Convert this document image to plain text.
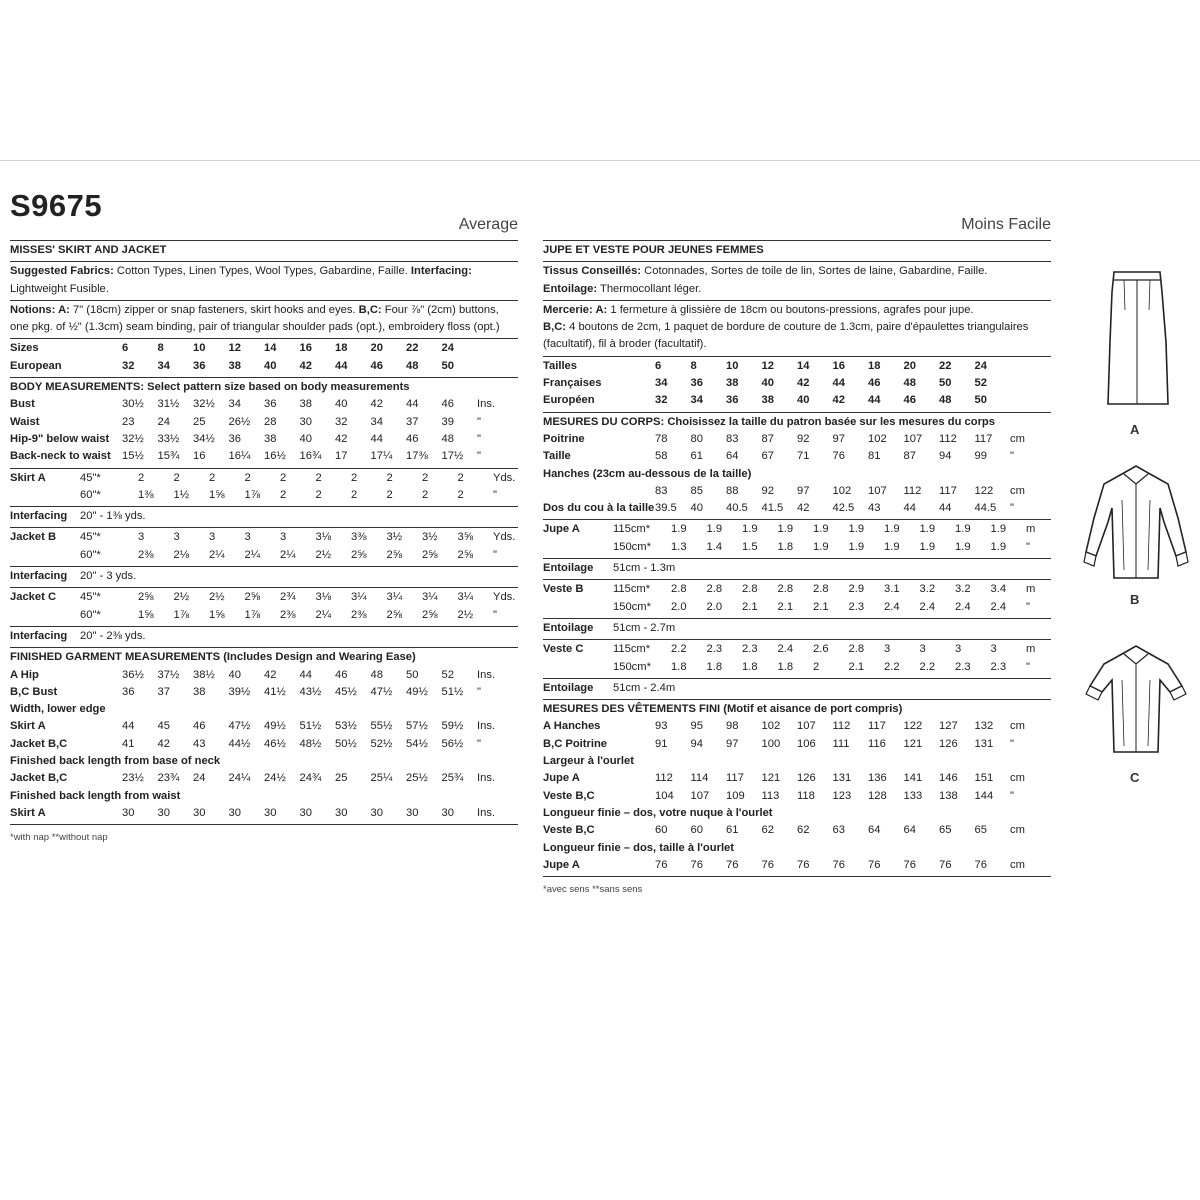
S9675
Average
MISSES' SKIRT AND JACKET
Suggested Fabrics: Cotton Types, Linen Types, Wool Types, Gabardine, Faille. Interfacing: Lightweight Fusible.
Notions: A: 7" (18cm) zipper or snap fasteners, skirt hooks and eyes. B,C: Four ⅞" (2cm) buttons, one pkg. of ½" (1.3cm) seam binding, pair of triangular shoulder pads (opt.), embroidery floss (opt.)
Sizes	6	8	10	12	14	16	18	20	22	24
European	32	34	36	38	40	42	44	46	48	50
BODY MEASUREMENTS: Select pattern size based on body measurements
Bust	30½	31½	32½	34	36	38	40	42	44	46	Ins.
Waist	23	24	25	26½	28	30	32	34	37	39	"
Hip-9" below waist	32½	33½	34½	36	38	40	42	44	46	48	"
Back-neck to waist	15½	15¾	16	16¼	16½	16¾	17	17¼	17⅜	17½	"
Skirt A	45"*	2	2	2	2	2	2	2	2	2	2	Yds.
60"*	1⅜	1½	1⅝	1⅞	2	2	2	2	2	2	"
Interfacing	20" - 1⅜ yds.
Jacket B	45"*	3	3	3	3	3	3⅛	3⅜	3½	3½	3⅝	Yds.
60"*	2⅜	2⅛	2¼	2¼	2¼	2½	2⅝	2⅝	2⅝	2⅝	"
Interfacing	20" - 3 yds.
Jacket C	45"*	2⅝	2½	2½	2⅝	2¾	3⅛	3¼	3¼	3¼	3¼	Yds.
60"*	1⅝	1⅞	1⅝	1⅞	2⅜	2¼	2⅜	2⅝	2⅝	2½	"
Interfacing	20" - 2⅜ yds.
FINISHED GARMENT MEASUREMENTS (Includes Design and Wearing Ease)
A Hip	36½	37½	38½	40	42	44	46	48	50	52	Ins.
B,C Bust	36	37	38	39½	41½	43½	45½	47½	49½	51½	"
Width, lower edge
Skirt A	44	45	46	47½	49½	51½	53½	55½	57½	59½	Ins.
Jacket B,C	41	42	43	44½	46½	48½	50½	52½	54½	56½	"
Finished back length from base of neck
Jacket B,C	23½	23¾	24	24¼	24½	24¾	25	25¼	25½	25¾	Ins.
Finished back length from waist
Skirt A	30	30	30	30	30	30	30	30	30	30	Ins.
*with nap **without nap
Moins Facile
JUPE ET VESTE POUR JEUNES FEMMES
Tissus Conseillés: Cotonnades, Sortes de toile de lin, Sortes de laine, Gabardine, Faille.
Entoilage: Thermocollant léger.
Mercerie: A: 1 fermeture à glissière de 18cm ou boutons-pressions, agrafes pour jupe.
B,C: 4 boutons de 2cm, 1 paquet de bordure de couture de 1.3cm, paire d'épaulettes triangulaires (facultatif), fil à broder (facultatif).
Tailles	6	8	10	12	14	16	18	20	22	24
Françaises	34	36	38	40	42	44	46	48	50	52
Européen	32	34	36	38	40	42	44	46	48	50
MESURES DU CORPS: Choisissez la taille du patron basée sur les mesures du corps
Poitrine	78	80	83	87	92	97	102	107	112	117	cm
Taille	58	61	64	67	71	76	81	87	94	99	"
Hanches (23cm au-dessous de la taille)
83	85	88	92	97	102	107	112	117	122	cm
Dos du cou à la taille 39.5	40	40.5	41.5	42	42.5	43	44	44	44.5	"
Jupe A	115cm*	1.9	1.9	1.9	1.9	1.9	1.9	1.9	1.9	1.9	1.9	m
150cm*	1.3	1.4	1.5	1.8	1.9	1.9	1.9	1.9	1.9	1.9	"
Entoilage	51cm - 1.3m
Veste B	115cm*	2.8	2.8	2.8	2.8	2.8	2.9	3.1	3.2	3.2	3.4	m
150cm*	2.0	2.0	2.1	2.1	2.1	2.3	2.4	2.4	2.4	2.4	"
Entoilage	51cm - 2.7m
Veste C	115cm*	2.2	2.3	2.3	2.4	2.6	2.8	3	3	3	3	m
150cm*	1.8	1.8	1.8	1.8	2	2.1	2.2	2.2	2.3	2.3	"
Entoilage	51cm - 2.4m
MESURES DES VÊTEMENTS FINI (Motif et aisance de port compris)
A Hanches	93	95	98	102	107	112	117	122	127	132	cm
B,C Poitrine	91	94	97	100	106	111	116	121	126	131	"
Largeur à l'ourlet
Jupe A	112	114	117	121	126	131	136	141	146	151	cm
Veste B,C	104	107	109	113	118	123	128	133	138	144	"
Longueur finie – dos, votre nuque à l'ourlet
Veste B,C	60	60	61	62	62	63	64	64	65	65	cm
Longueur finie – dos, taille à l'ourlet
Jupe A	76	76	76	76	76	76	76	76	76	76	cm
*avec sens **sans sens
A
B
C
